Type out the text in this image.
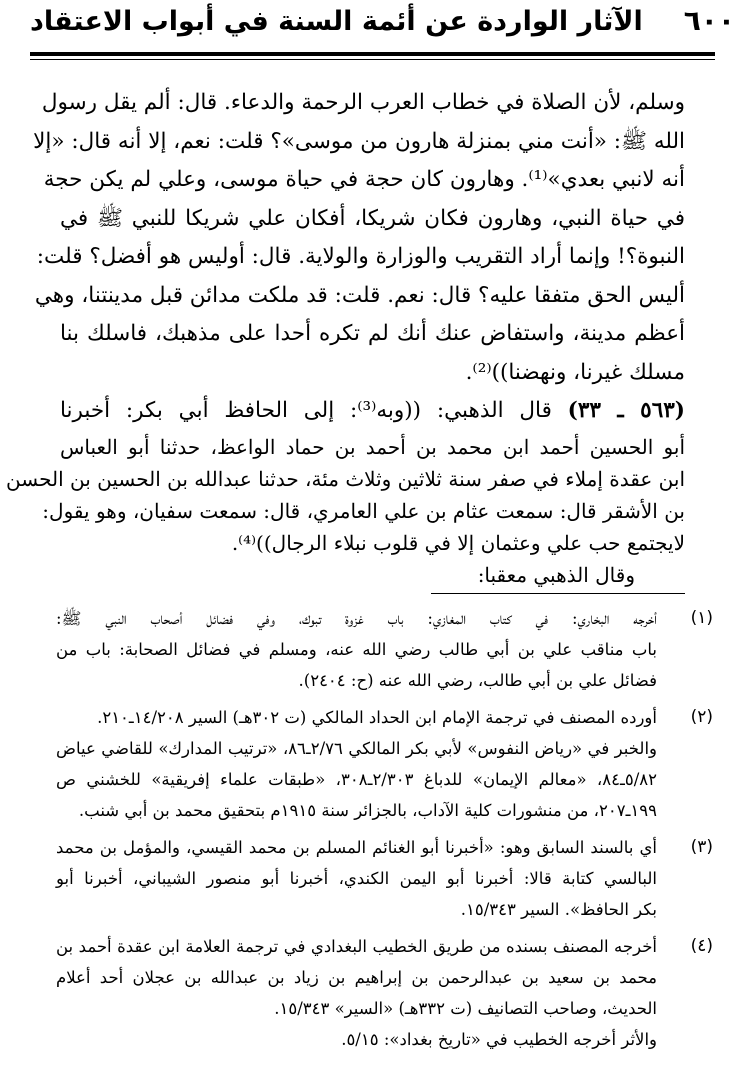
الآثار الواردة عن أئمة السنة في أبواب الاعتقاد ٦٠٠
وسلم، لأن الصلاة في خطاب العرب الرحمة والدعاء. قال: ألم يقل رسول
الله ﷺ: «أنت مني بمنزلة هارون من موسى»؟ قلت: نعم، إلا أنه قال: «إلا
أنه لانبي بعدي»⁽¹⁾. وهارون كان حجة في حياة موسى، وعلي لم يكن حجة
في حياة النبي، وهارون فكان شريكا، أفكان علي شريكا للنبي ﷺ في
النبوة؟! وإنما أراد التقريب والوزارة والولاية. قال: أوليس هو أفضل؟ قلت:
أليس الحق متفقا عليه؟ قال: نعم. قلت: قد ملكت مدائن قبل مدينتنا، وهي
أعظم مدينة، واستفاض عنك أنك لم تكره أحدا على مذهبك، فاسلك بنا
مسلك غيرنا، ونهضنا))⁽²⁾.
(٥٦٣ ـ ٣٣) قال الذهبي: ((وبه⁽³⁾: إلى الحافظ أبي بكر: أخبرنا
أبو الحسين أحمد ابن محمد بن أحمد بن حماد الواعظ، حدثنا أبو العباس
ابن عقدة إملاء في صفر سنة ثلاثين وثلاث مئة، حدثنا عبدالله بن الحسين بن الحسن
بن الأشقر قال: سمعت عثام بن علي العامري، قال: سمعت سفيان، وهو يقول:
لايجتمع حب علي وعثمان إلا في قلوب نبلاء الرجال))⁽⁴⁾.
وقال الذهبي معقبا:
(١)
أخرجه البخاري: في كتاب المغازي: باب غزوة تبوك، وفي فضائل أصحاب النبي ﷺ:
باب مناقب علي بن أبي طالب رضي الله عنه، ومسلم في فضائل الصحابة: باب من
فضائل علي بن أبي طالب، رضي الله عنه (ح: ٢٤٠٤).
(٢)
أورده المصنف في ترجمة الإمام ابن الحداد المالكي (ت ٣٠٢هـ) السير ١٤/٢٠٨ـ٢١٠.
والخبر في «رياض النفوس» لأبي بكر المالكي ٢/٧٦ـ٨٦، «ترتيب المدارك» للقاضي عياض
٥/٨٢ـ٨٤، «معالم الإيمان» للدباغ ٢/٣٠٣ـ٣٠٨، «طبقات علماء إفريقية» للخشني ص
١٩٩ـ٢٠٧، من منشورات كلية الآداب، بالجزائر سنة ١٩١٥م بتحقيق محمد بن أبي شنب.
(٣)
أي بالسند السابق وهو: «أخبرنا أبو الغنائم المسلم بن محمد القيسي، والمؤمل بن محمد
البالسي كتابة قالا: أخبرنا أبو اليمن الكندي، أخبرنا أبو منصور الشيباني، أخبرنا أبو
بكر الحافظ». السير ١٥/٣٤٣.
(٤)
أخرجه المصنف بسنده من طريق الخطيب البغدادي في ترجمة العلامة ابن عقدة أحمد بن
محمد بن سعيد بن عبدالرحمن بن إبراهيم بن زياد بن عبدالله بن عجلان أحد أعلام
الحديث، وصاحب التصانيف (ت ٣٣٢هـ) «السير» ١٥/٣٤٣.
والأثر أخرجه الخطيب في «تاريخ بغداد»: ٥/١٥.
